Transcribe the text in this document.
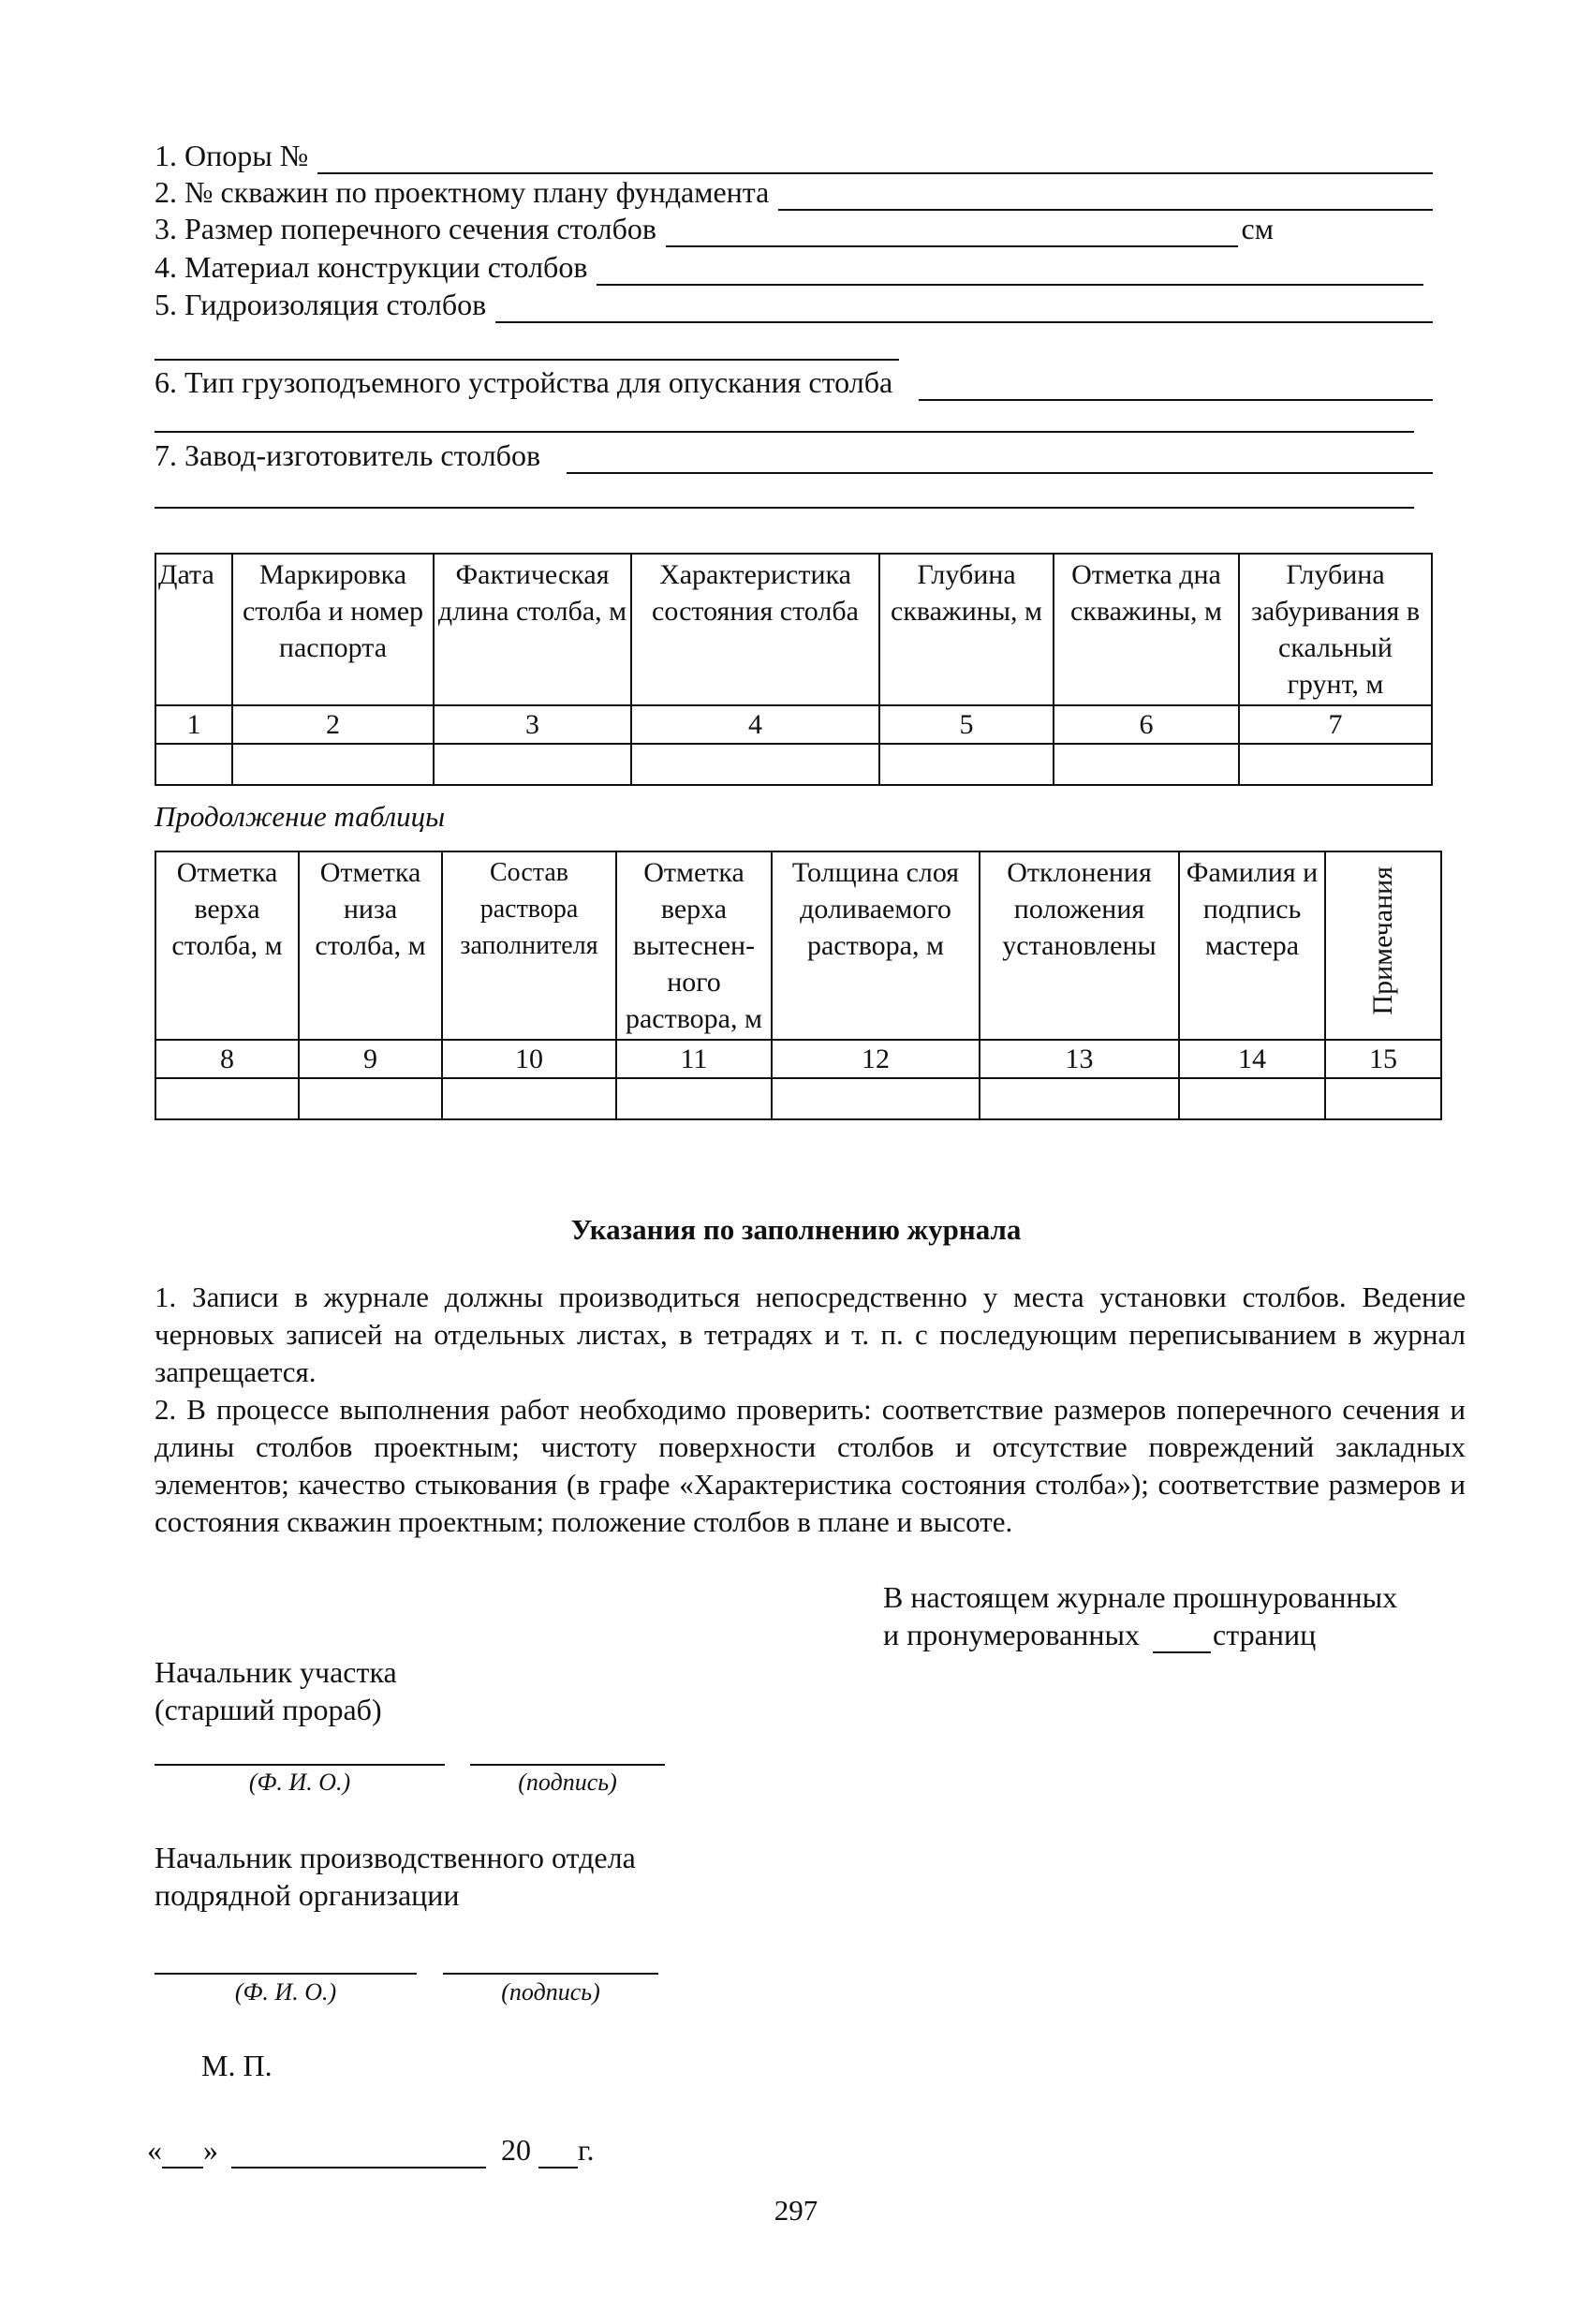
1. Опоры №
2. № скважин по проектному плану фундамента
3. Размер поперечного сечения столбов	см
4. Материал конструкции столбов
5. Гидроизоляция столбов
6. Тип грузоподъемного устройства для опускания столба
7. Завод-изготовитель столбов
Дата	Маркировка столба и номер паспорта	Фактическая длина столба, м	Характеристика состояния столба	Глубина скважины, м	Отметка дна скважины, м	Глубина забуривания в скальный грунт, м
1	2	3	4	5	6	7

Продолжение таблицы
Отметка верха столба, м	Отметка низа столба, м	Состав раствора заполнителя	Отметка верха вытеснен-ного раствора, м	Толщина слоя доливаемого раствора, м	Отклонения положения установлены	Фамилия и подпись мастера	Примечания
8	9	10	11	12	13	14	15

Указания по заполнению журнала
1. Записи в журнале должны производиться непосредственно у места установки столбов. Ведение черновых записей на отдельных листах, в тетрадях и т. п. с последующим переписыванием в журнал запрещается.
2. В процессе выполнения работ необходимо проверить: соответствие размеров поперечного сечения и длины столбов проектным; чистоту поверхности столбов и отсутствие повреждений закладных элементов; качество стыкования (в графе «Характеристика состояния столба»); соответствие размеров и состояния скважин проектным; положение столбов в плане и высоте.
В настоящем журнале прошнурованных
и пронумерованных страниц
Начальник участка
(старший прораб)
(Ф. И. О.)	(подпись)
Начальник производственного отдела
подрядной организации
(Ф. И. О.)	(подпись)
М. П.
« »	20 г.
297
